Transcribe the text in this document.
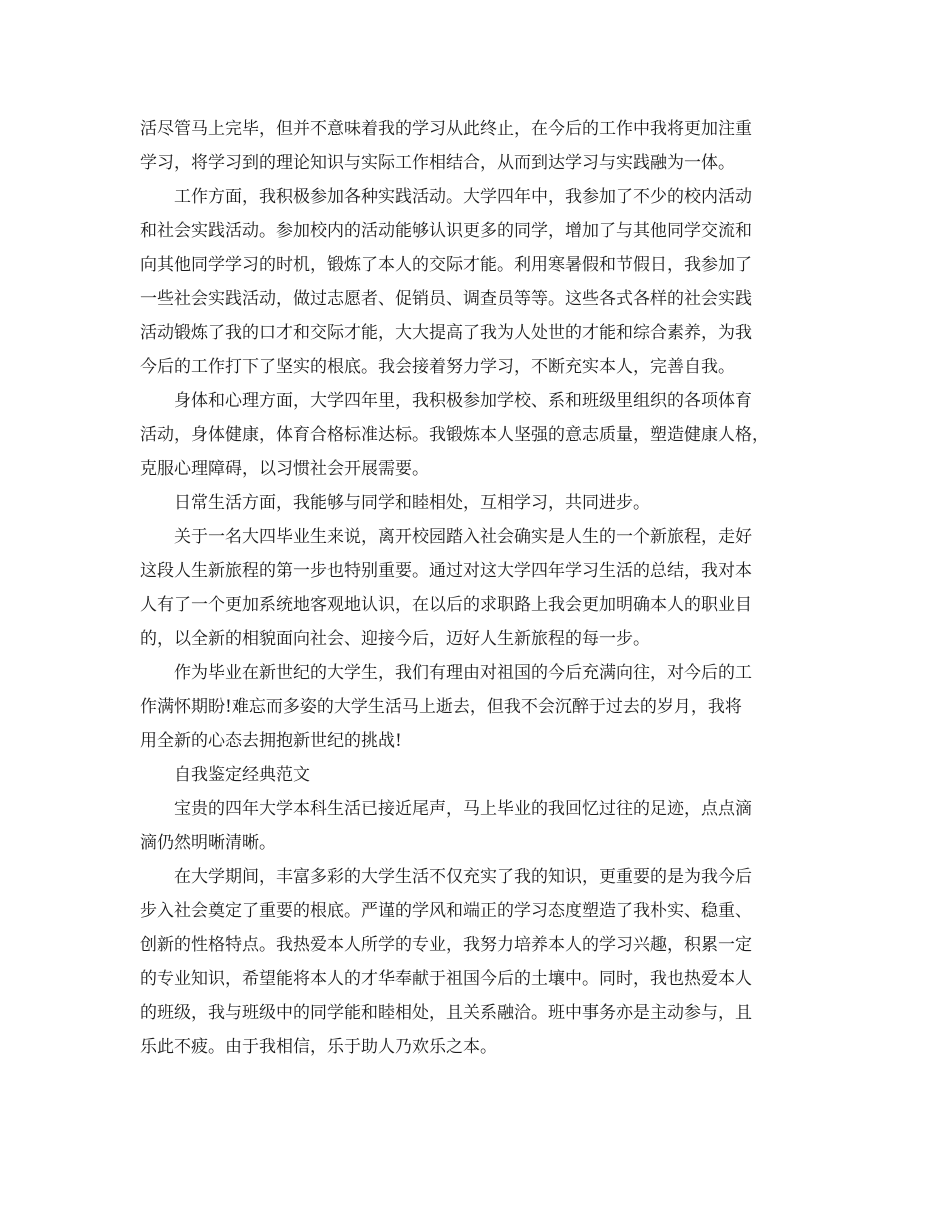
活尽管马上完毕，但并不意味着我的学习从此终止，在今后的工作中我将更加注重
学习，将学习到的理论知识与实际工作相结合，从而到达学习与实践融为一体。

工作方面，我积极参加各种实践活动。大学四年中，我参加了不少的校内活动
和社会实践活动。参加校内的活动能够认识更多的同学，增加了与其他同学交流和
向其他同学学习的时机，锻炼了本人的交际才能。利用寒暑假和节假日，我参加了
一些社会实践活动，做过志愿者、促销员、调查员等等。这些各式各样的社会实践
活动锻炼了我的口才和交际才能，大大提高了我为人处世的才能和综合素养，为我
今后的工作打下了坚实的根底。我会接着努力学习，不断充实本人，完善自我。

身体和心理方面，大学四年里，我积极参加学校、系和班级里组织的各项体育
活动，身体健康，体育合格标准达标。我锻炼本人坚强的意志质量，塑造健康人格，
克服心理障碍，以习惯社会开展需要。

日常生活方面，我能够与同学和睦相处，互相学习，共同进步。

关于一名大四毕业生来说，离开校园踏入社会确实是人生的一个新旅程，走好
这段人生新旅程的第一步也特别重要。通过对这大学四年学习生活的总结，我对本
人有了一个更加系统地客观地认识，在以后的求职路上我会更加明确本人的职业目
的，以全新的相貌面向社会、迎接今后，迈好人生新旅程的每一步。

作为毕业在新世纪的大学生，我们有理由对祖国的今后充满向往，对今后的工
作满怀期盼!难忘而多姿的大学生活马上逝去，但我不会沉醉于过去的岁月，我将
用全新的心态去拥抱新世纪的挑战!

自我鉴定经典范文

宝贵的四年大学本科生活已接近尾声，马上毕业的我回忆过往的足迹，点点滴
滴仍然明晰清晰。

在大学期间，丰富多彩的大学生活不仅充实了我的知识，更重要的是为我今后
步入社会奠定了重要的根底。严谨的学风和端正的学习态度塑造了我朴实、稳重、
创新的性格特点。我热爱本人所学的专业，我努力培养本人的学习兴趣，积累一定
的专业知识，希望能将本人的才华奉献于祖国今后的土壤中。同时，我也热爱本人
的班级，我与班级中的同学能和睦相处，且关系融洽。班中事务亦是主动参与，且
乐此不疲。由于我相信，乐于助人乃欢乐之本。
